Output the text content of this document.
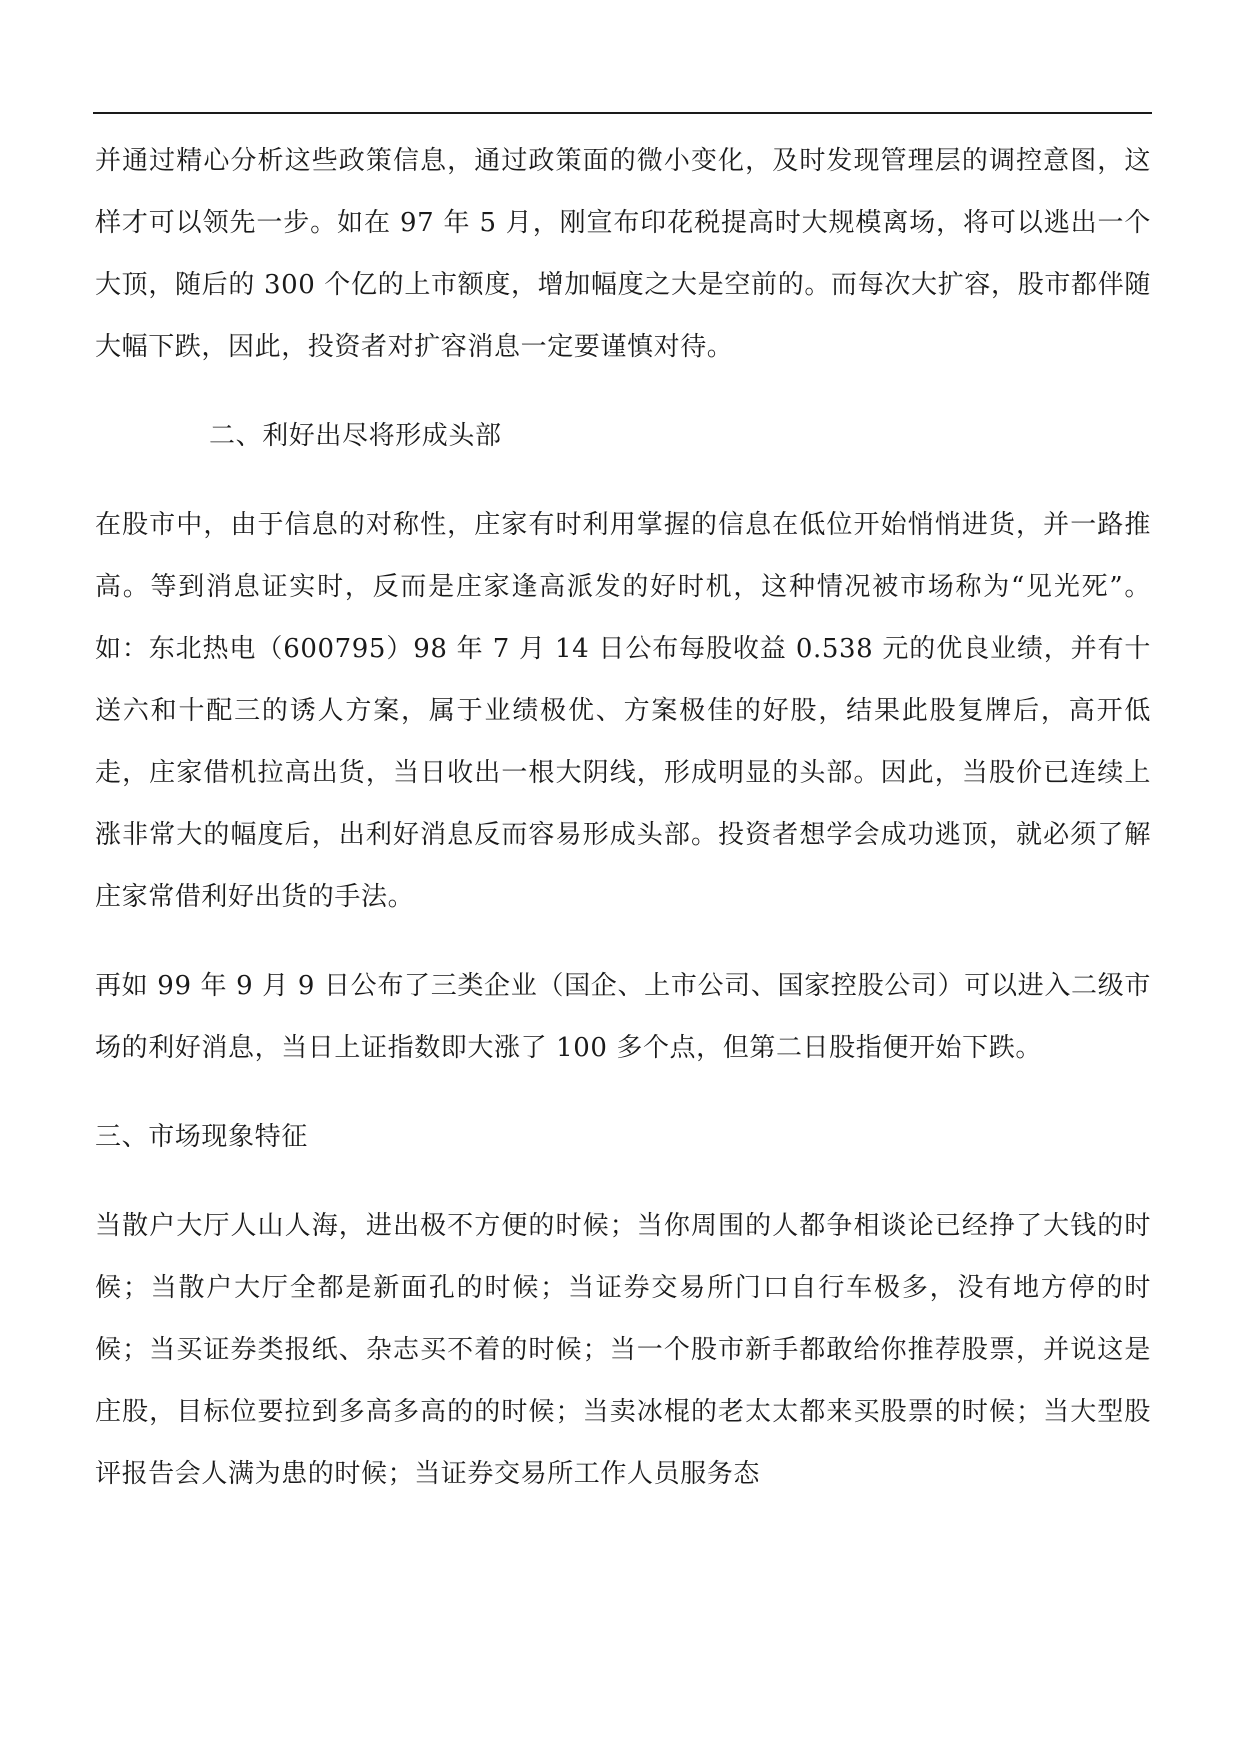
并通过精心分析这些政策信息，通过政策面的微小变化，及时发现管理层的调控意图，这样才可以领先一步。如在 97 年 5 月，刚宣布印花税提高时大规模离场，将可以逃出一个大顶，随后的 300 个亿的上市额度，增加幅度之大是空前的。而每次大扩容，股市都伴随大幅下跌，因此，投资者对扩容消息一定要谨慎对待。

二、利好出尽将形成头部

在股市中，由于信息的对称性，庄家有时利用掌握的信息在低位开始悄悄进货，并一路推高。等到消息证实时，反而是庄家逢高派发的好时机，这种情况被市场称为“见光死”。如：东北热电（600795）98 年 7 月 14 日公布每股收益 0.538 元的优良业绩，并有十送六和十配三的诱人方案，属于业绩极优、方案极佳的好股，结果此股复牌后，高开低走，庄家借机拉高出货，当日收出一根大阴线，形成明显的头部。因此，当股价已连续上涨非常大的幅度后，出利好消息反而容易形成头部。投资者想学会成功逃顶，就必须了解庄家常借利好出货的手法。

再如 99 年 9 月 9 日公布了三类企业（国企、上市公司、国家控股公司）可以进入二级市场的利好消息，当日上证指数即大涨了 100 多个点，但第二日股指便开始下跌。

三、市场现象特征

当散户大厅人山人海，进出极不方便的时候；当你周围的人都争相谈论已经挣了大钱的时候；当散户大厅全都是新面孔的时候；当证券交易所门口自行车极多，没有地方停的时候；当买证券类报纸、杂志买不着的时候；当一个股市新手都敢给你推荐股票，并说这是庄股，目标位要拉到多高多高的的时候；当卖冰棍的老太太都来买股票的时候；当大型股评报告会人满为患的时候；当证券交易所工作人员服务态
